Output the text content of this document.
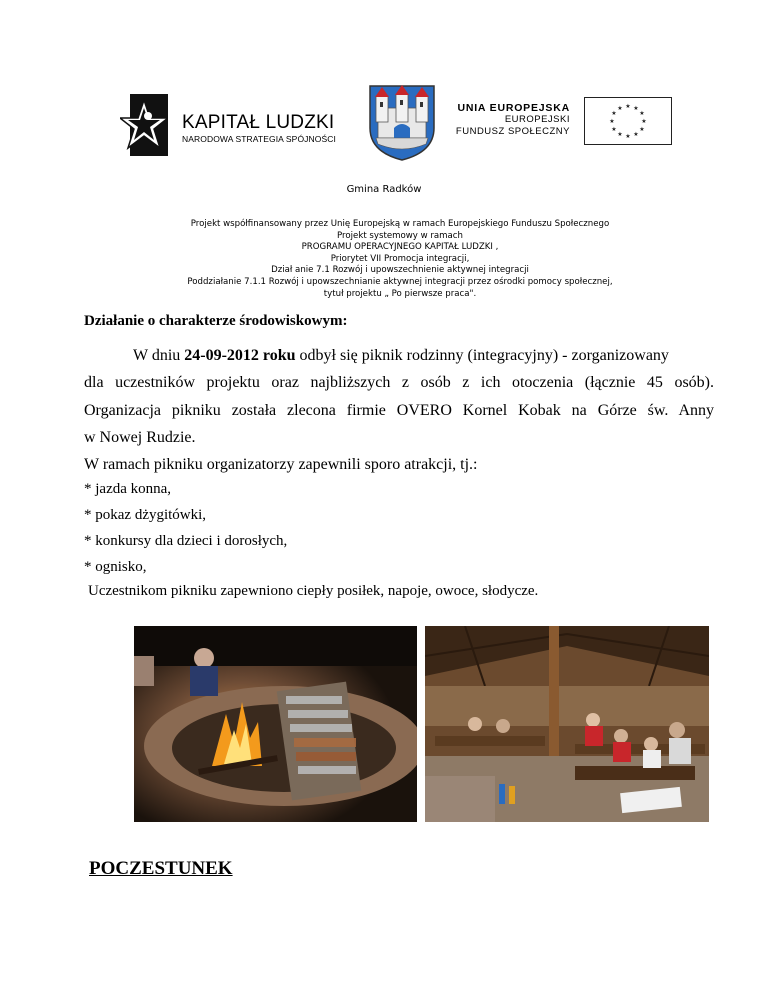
KAPITAŁ LUDZKI
NARODOWA STRATEGIA SPÓJNOŚCI
UNIA EUROPEJSKA
EUROPEJSKI
FUNDUSZ SPOŁECZNY
★ ★
★
★
★
★
★
★
★
★
★
★
Gmina Radków
Projekt współfinansowany przez Unię Europejską w ramach Europejskiego Funduszu Społecznego
Projekt systemowy w ramach
PROGRAMU OPERACYJNEGO KAPITAŁ LUDZKI ,
Priorytet VII Promocja integracji,
Dział anie 7.1 Rozwój i upowszechnienie aktywnej integracji
Poddziałanie 7.1.1 Rozwój i upowszechnianie aktywnej integracji przez ośrodki pomocy społecznej,
tytuł projektu „ Po pierwsze praca".
Działanie o charakterze środowiskowym:
W dniu 24-09-2012 roku odbył się piknik rodzinny (integracyjny) - zorganizowany
dla uczestników projektu oraz najbliższych z osób z ich otoczenia (łącznie 45 osób).
Organizacja pikniku została zlecona firmie OVERO Kornel Kobak na Górze św. Anny
w Nowej Rudzie.
W ramach pikniku organizatorzy zapewnili sporo atrakcji, tj.:
* jazda konna,
* pokaz dżygitówki,
* konkursy dla dzieci i dorosłych,
* ognisko,
Uczestnikom pikniku zapewniono ciepły posiłek, napoje, owoce, słodycze.
POCZESTUNEK
